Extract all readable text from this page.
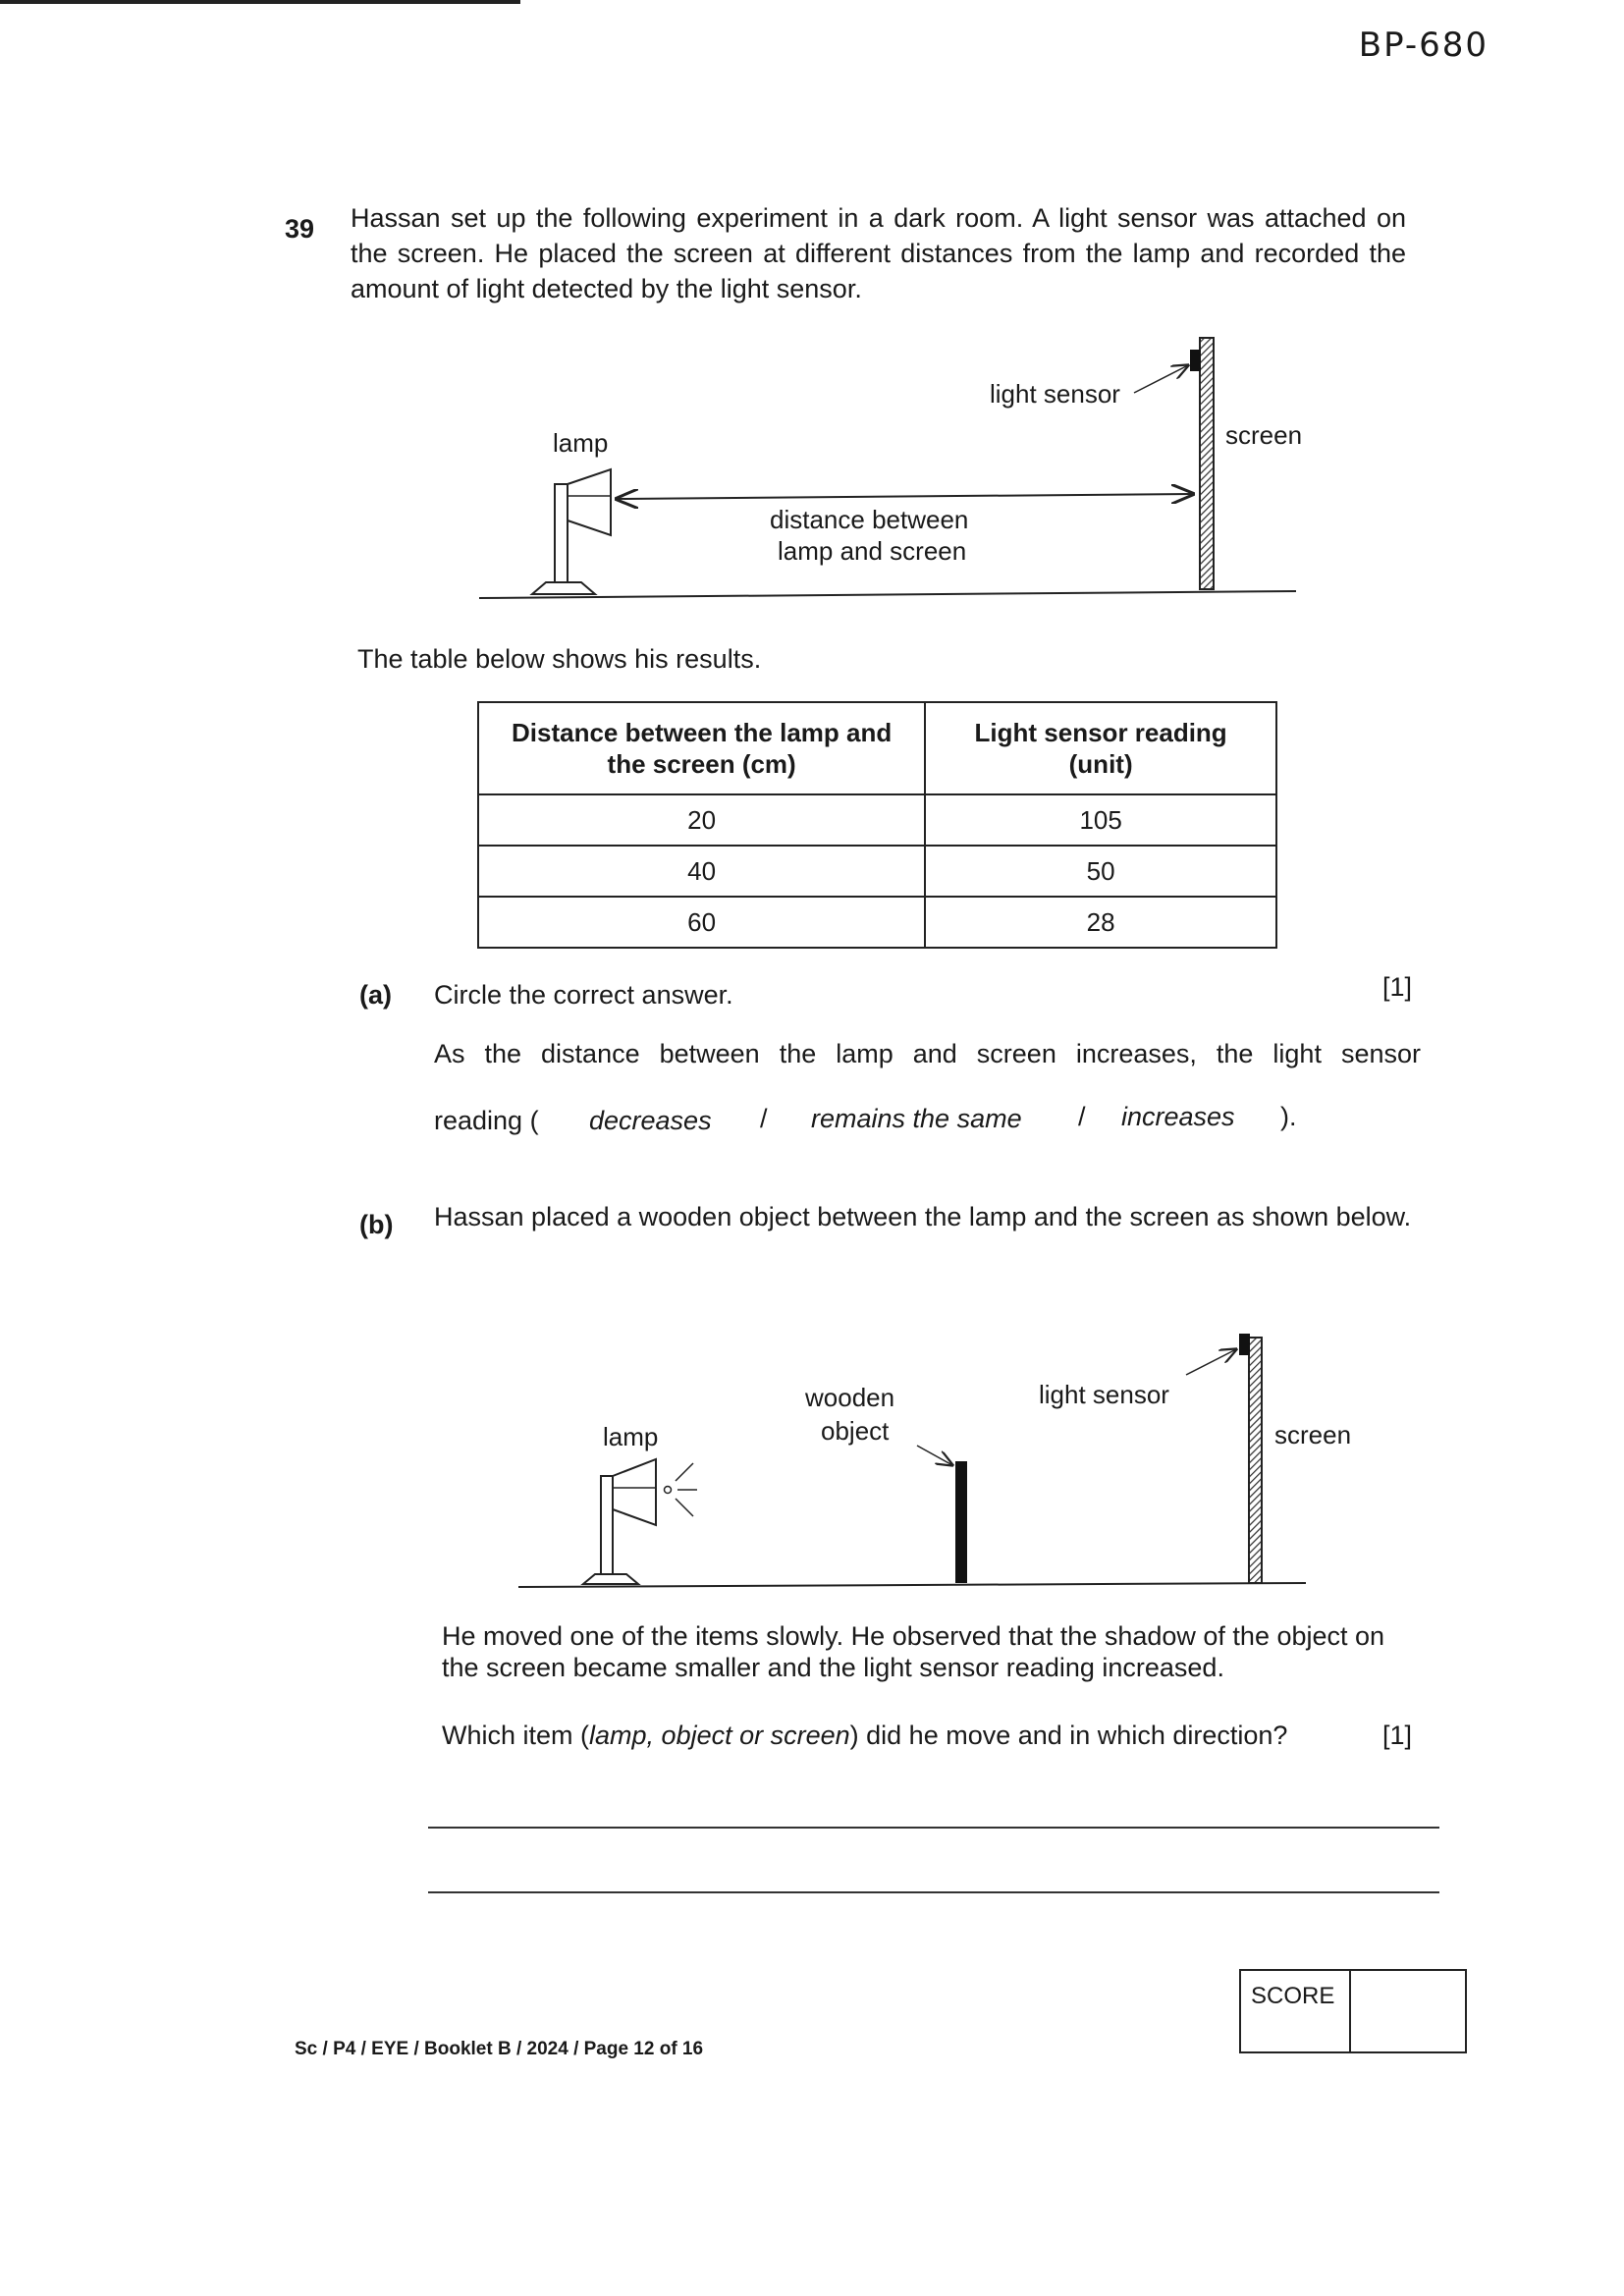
BP-680
39 Hassan set up the following experiment in a dark room. A light sensor was attached on the screen. He placed the screen at different distances from the lamp and recorded the amount of light detected by the light sensor.
lamp
light sensor
screen
distance between
lamp and screen
The table below shows his results.
Distance between the lamp and the screen (cm)	Light sensor reading (unit)
20	105
40	50
60	28
(a) Circle the correct answer.	[1]
As the distance between the lamp and screen increases, the light sensor
reading ( decreases / remains the same / increases ).
(b) Hassan placed a wooden object between the lamp and the screen as shown below.
lamp
wooden
object
light sensor
screen
He moved one of the items slowly. He observed that the shadow of the object on the screen became smaller and the light sensor reading increased.
Which item (lamp, object or screen) did he move and in which direction?	[1]
SCORE
Sc / P4 / EYE / Booklet B / 2024 / Page 12 of 16
